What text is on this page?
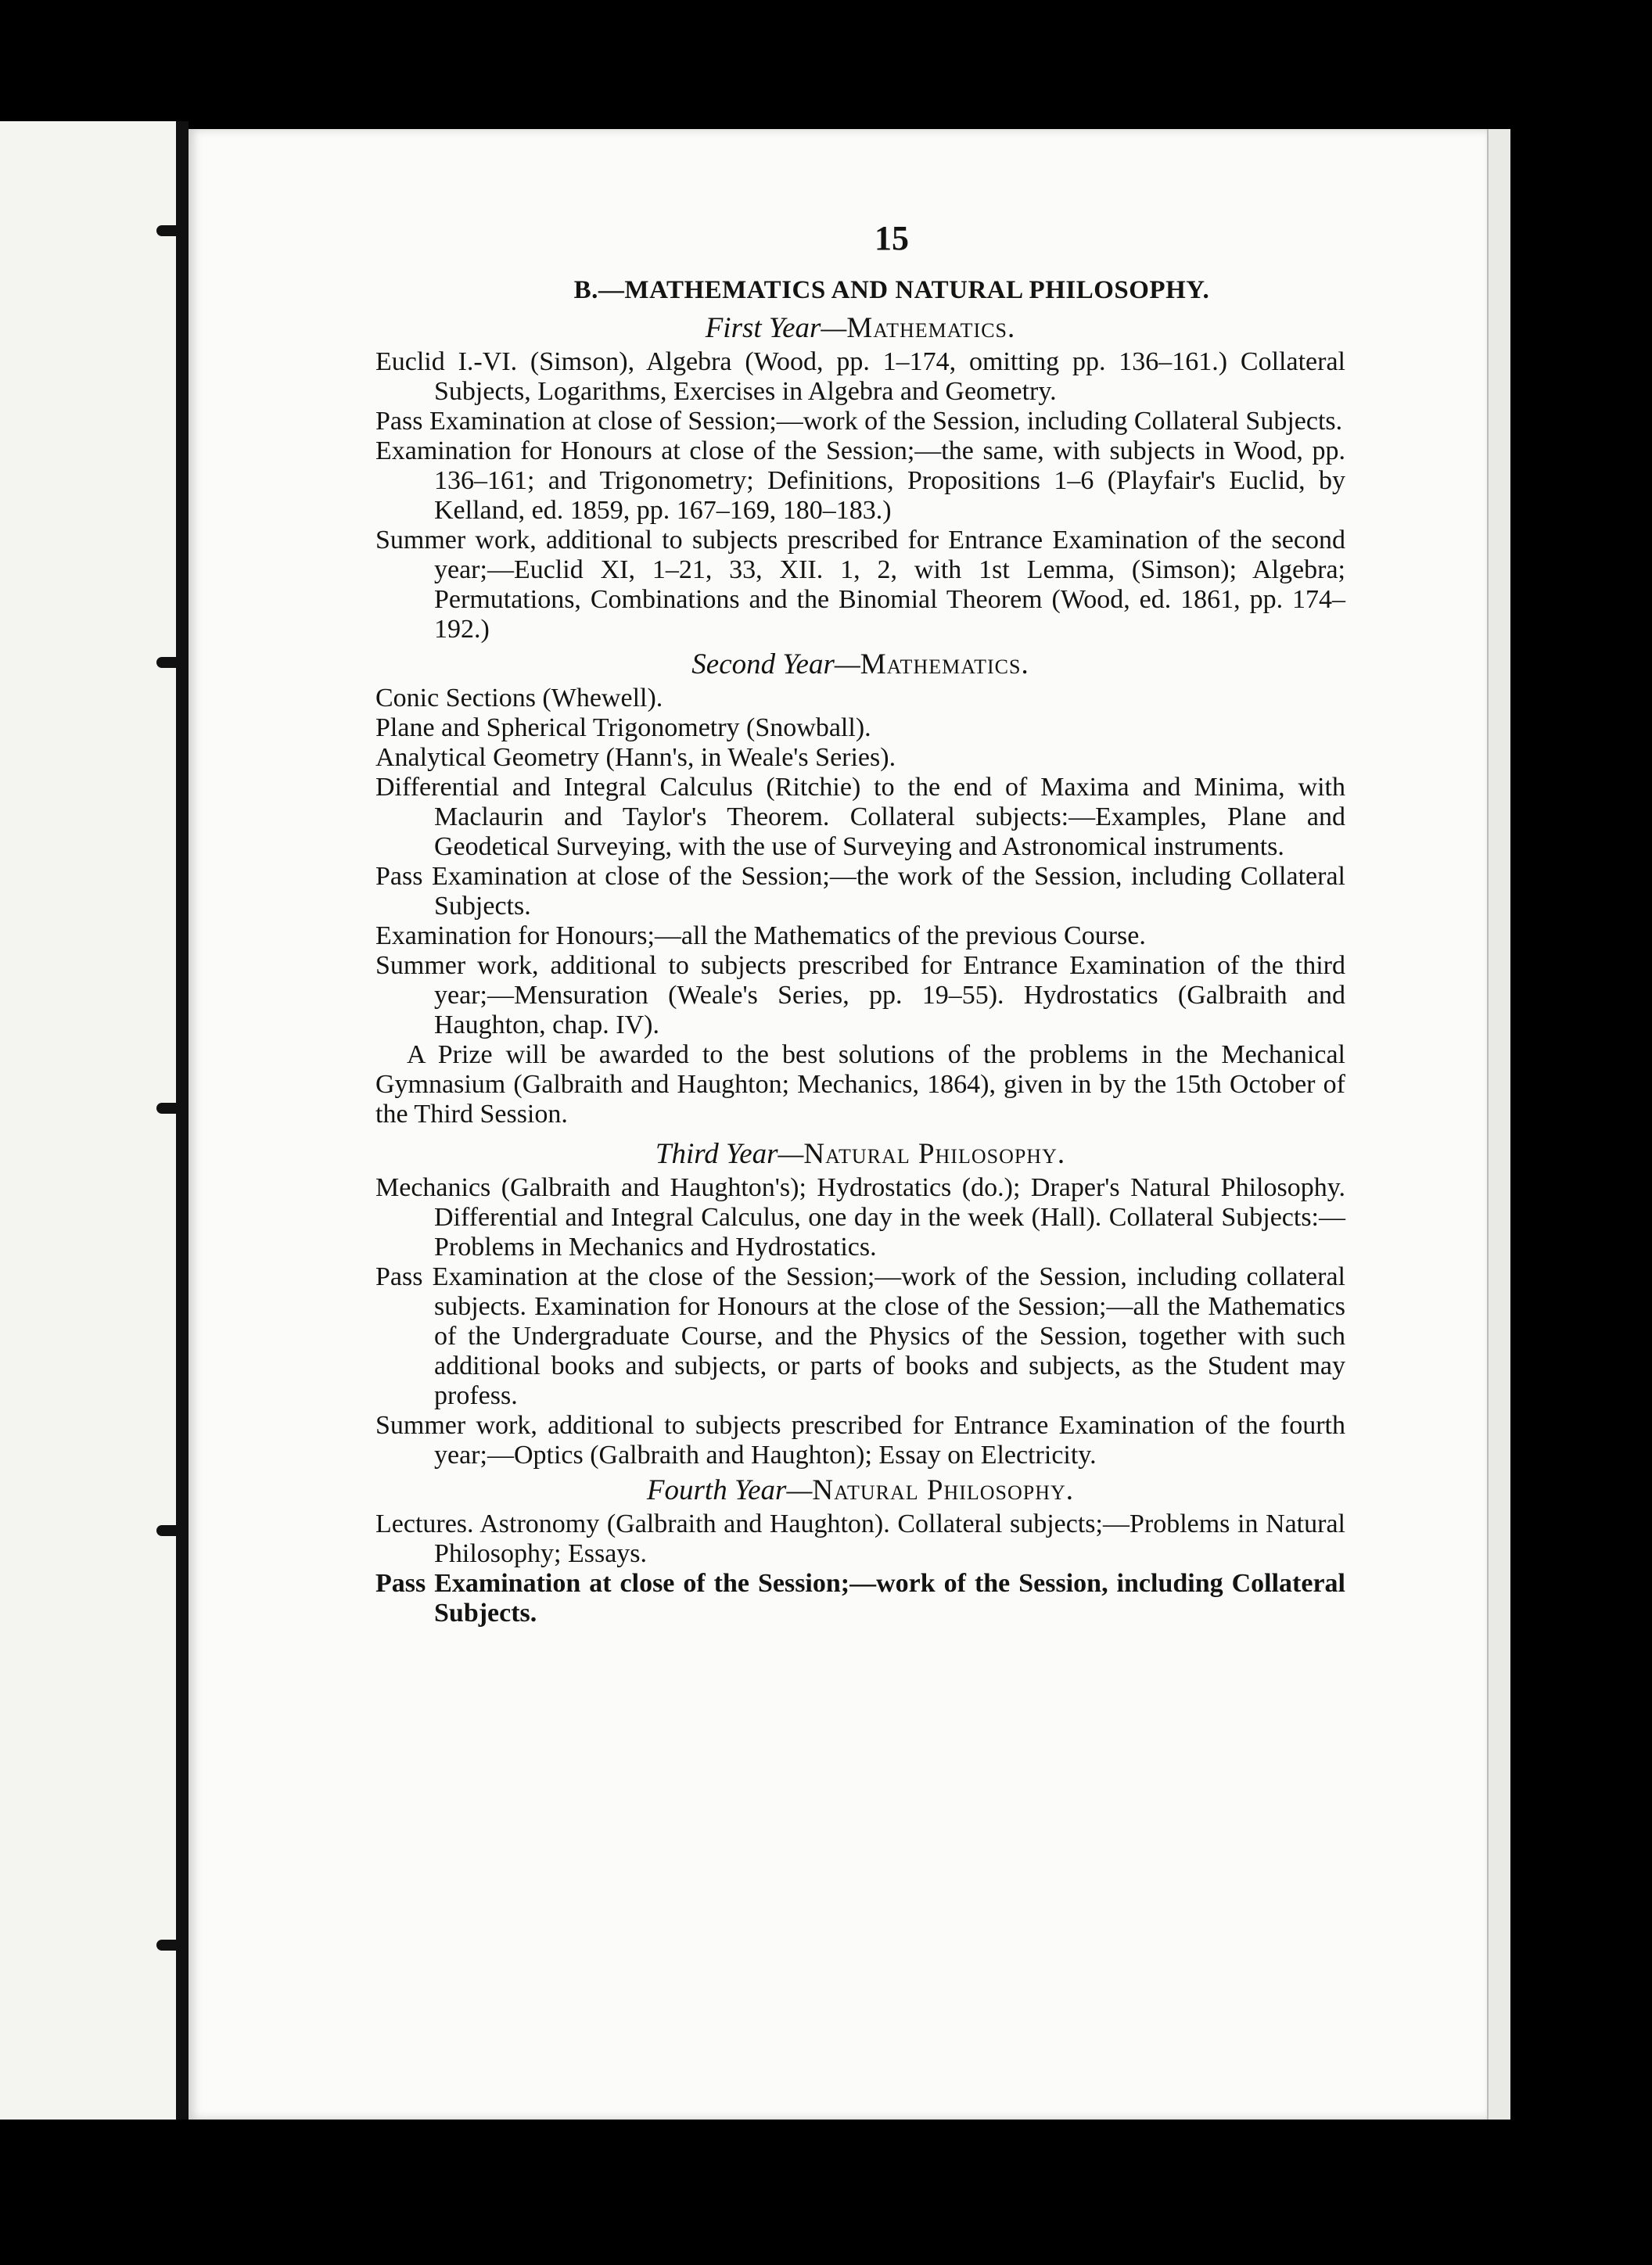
15
B.—MATHEMATICS AND NATURAL PHILOSOPHY.
First Year—Mathematics.
Euclid I.-VI. (Simson), Algebra (Wood, pp. 1–174, omitting pp. 136–161.) Collateral Subjects, Logarithms, Exercises in Algebra and Geometry.
Pass Examination at close of Session;—work of the Session, including Collateral Subjects.
Examination for Honours at close of the Session;—the same, with subjects in Wood, pp. 136–161; and Trigonometry; Definitions, Propositions 1–6 (Playfair's Euclid, by Kelland, ed. 1859, pp. 167–169, 180–183.)
Summer work, additional to subjects prescribed for Entrance Examination of the second year;—Euclid XI, 1–21, 33, XII. 1, 2, with 1st Lemma, (Simson); Algebra; Permutations, Combinations and the Binomial Theorem (Wood, ed. 1861, pp. 174–192.)
Second Year—Mathematics.
Conic Sections (Whewell).
Plane and Spherical Trigonometry (Snowball).
Analytical Geometry (Hann's, in Weale's Series).
Differential and Integral Calculus (Ritchie) to the end of Maxima and Minima, with Maclaurin and Taylor's Theorem. Collateral subjects:—Examples, Plane and Geodetical Surveying, with the use of Surveying and Astronomical instruments.
Pass Examination at close of the Session;—the work of the Session, including Collateral Subjects.
Examination for Honours;—all the Mathematics of the previous Course.
Summer work, additional to subjects prescribed for Entrance Examination of the third year;—Mensuration (Weale's Series, pp. 19–55). Hydrostatics (Galbraith and Haughton, chap. IV).
A Prize will be awarded to the best solutions of the problems in the Mechanical Gymnasium (Galbraith and Haughton; Mechanics, 1864), given in by the 15th October of the Third Session.
Third Year—Natural Philosophy.
Mechanics (Galbraith and Haughton's); Hydrostatics (do.); Draper's Natural Philosophy. Differential and Integral Calculus, one day in the week (Hall). Collateral Subjects:—Problems in Mechanics and Hydrostatics.
Pass Examination at the close of the Session;—work of the Session, including collateral subjects. Examination for Honours at the close of the Session;—all the Mathematics of the Undergraduate Course, and the Physics of the Session, together with such additional books and subjects, or parts of books and subjects, as the Student may profess.
Summer work, additional to subjects prescribed for Entrance Examination of the fourth year;—Optics (Galbraith and Haughton); Essay on Electricity.
Fourth Year—Natural Philosophy.
Lectures. Astronomy (Galbraith and Haughton). Collateral subjects;—Problems in Natural Philosophy; Essays.
Pass Examination at close of the Session;—work of the Session, including Collateral Subjects.
